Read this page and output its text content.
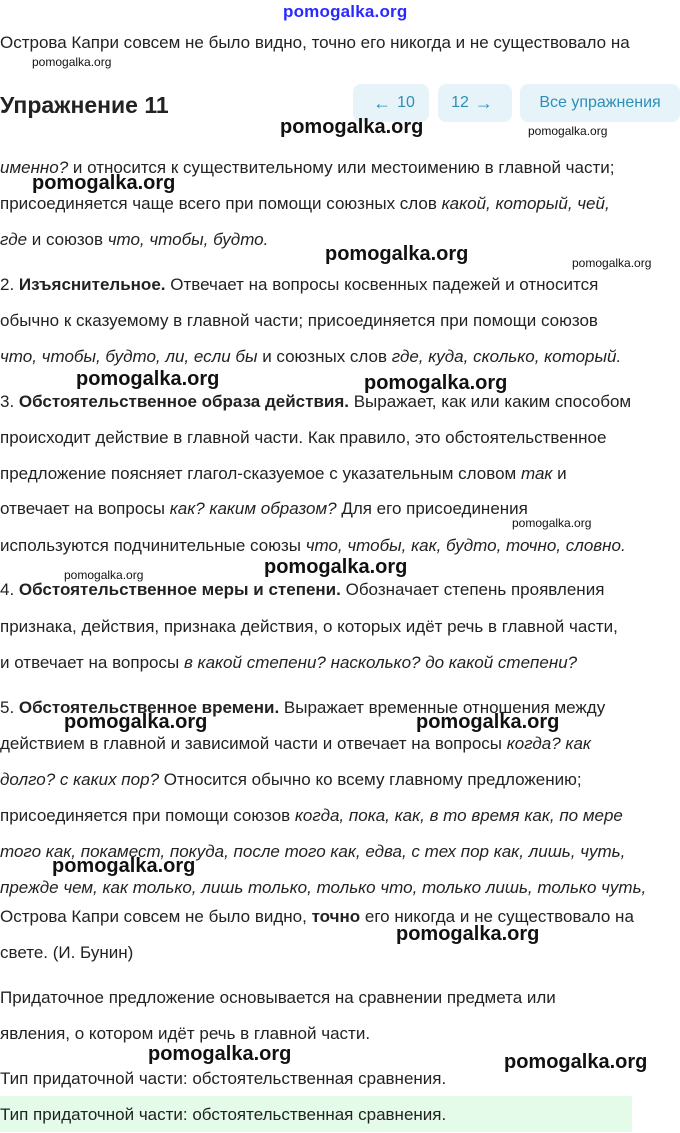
pomogalka.org
Острова Капри совсем не было видно, точно его никогда и не существовало на
pomogalka.org
Упражнение 11	← 10 12 →	Все упражнения
pomogalka.org	pomogalka.org
именно? и относится к существительному или местоимению в главной части;
pomogalka.org
присоединяется чаще всего при помощи союзных слов какой, который, чей,
где и союзов что, чтобы, будто.
pomogalka.org	pomogalka.org
2. Изъяснительное. Отвечает на вопросы косвенных падежей и относится
обычно к сказуемому в главной части; присоединяется при помощи союзов
что, чтобы, будто, ли, если бы и союзных слов где, куда, сколько, который.
pomogalka.org	pomogalka.org
3. Обстоятельственное образа действия. Выражает, как или каким способом
происходит действие в главной части. Как правило, это обстоятельственное
предложение поясняет глагол-сказуемое с указательным словом так и
отвечает на вопросы как? каким образом? Для его присоединения
pomogalka.org
используются подчинительные союзы что, чтобы, как, будто, точно, словно.
pomogalka.org
pomogalka.org
4. Обстоятельственное меры и степени. Обозначает степень проявления
признака, действия, признака действия, о которых идёт речь в главной части,
и отвечает на вопросы в какой степени? насколько? до какой степени?
5. Обстоятельственное времени. Выражает временные отношения между
pomogalka.org	pomogalka.org
действием в главной и зависимой части и отвечает на вопросы когда? как
долго? с каких пор? Относится обычно ко всему главному предложению;
присоединяется при помощи союзов когда, пока, как, в то время как, по мере
того как, покамест, покуда, после того как, едва, с тех пор как, лишь, чуть,
pomogalka.org
прежде чем, как только, лишь только, только что, только лишь, только чуть,
Острова Капри совсем не было видно, точно его никогда и не существовало на
pomogalka.org
свете. (И. Бунин)
Придаточное предложение основывается на сравнении предмета или
явления, о котором идёт речь в главной части.
pomogalka.org	pomogalka.org
Тип придаточной части: обстоятельственная сравнения.
Тип придаточной части: обстоятельственная сравнения.
